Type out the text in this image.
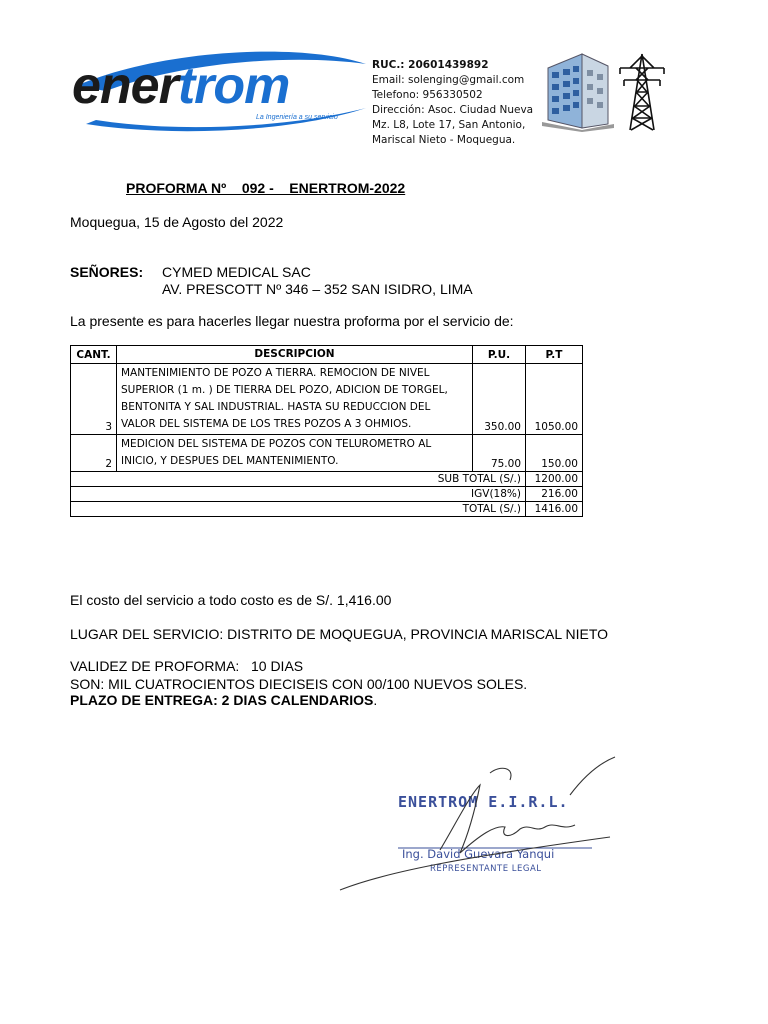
enertrom
La Ingeniería a su servicio
RUC.: 20601439892
Email: solenging@gmail.com
Telefono: 956330502
Dirección: Asoc. Ciudad Nueva
Mz. L8, Lote 17, San Antonio,
Mariscal Nieto - Moquegua.
PROFORMA Nº    092 -    ENERTROM-2022
Moquegua, 15 de Agosto del 2022
SEÑORES: CYMED MEDICAL SAC
AV. PRESCOTT Nº 346 – 352 SAN ISIDRO, LIMA
La presente es para hacerles llegar nuestra proforma por el servicio de:
CANT.	DESCRIPCION	P.U.	P.T
3	MANTENIMIENTO DE POZO A TIERRA. REMOCION DE NIVEL SUPERIOR (1 m. ) DE TIERRA DEL POZO, ADICION DE TORGEL, BENTONITA Y SAL INDUSTRIAL. HASTA SU REDUCCION DEL VALOR DEL SISTEMA DE LOS TRES POZOS A 3 OHMIOS.	350.00	1050.00
2	MEDICION DEL SISTEMA DE POZOS CON TELUROMETRO AL INICIO, Y DESPUES DEL MANTENIMIENTO.	75.00	150.00
SUB TOTAL (S/.)			1200.00
IGV(18%)			216.00
TOTAL (S/.)			1416.00
El costo del servicio a todo costo es de S/. 1,416.00
LUGAR DEL SERVICIO: DISTRITO DE MOQUEGUA, PROVINCIA MARISCAL NIETO
VALIDEZ DE PROFORMA:   10 DIAS
SON: MIL CUATROCIENTOS DIECISEIS CON 00/100 NUEVOS SOLES.
PLAZO DE ENTREGA: 2 DIAS CALENDARIOS.
ENERTROM E.I.R.L.
Ing. David Guevara Yanqui
REPRESENTANTE LEGAL
